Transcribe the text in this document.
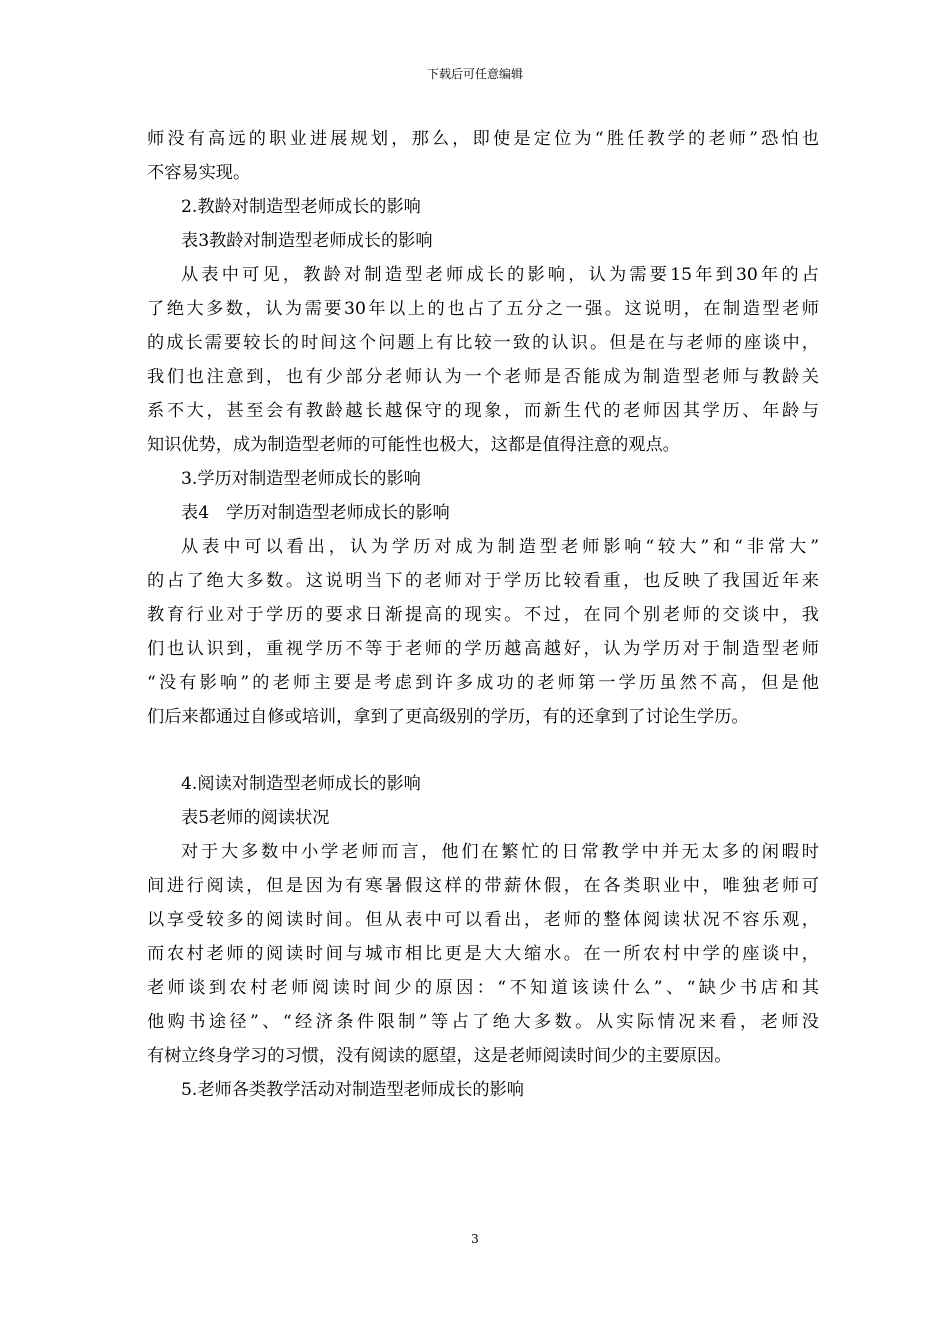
下载后可任意编辑
师没有高远的职业进展规划，那么，即使是定位为“胜任教学的老师”恐怕也
不容易实现。
2.教龄对制造型老师成长的影响
表3教龄对制造型老师成长的影响
从表中可见，教龄对制造型老师成长的影响，认为需要15年到30年的占
了绝大多数，认为需要30年以上的也占了五分之一强。这说明，在制造型老师
的成长需要较长的时间这个问题上有比较一致的认识。但是在与老师的座谈中，
我们也注意到，也有少部分老师认为一个老师是否能成为制造型老师与教龄关
系不大，甚至会有教龄越长越保守的现象，而新生代的老师因其学历、年龄与
知识优势，成为制造型老师的可能性也极大，这都是值得注意的观点。
3.学历对制造型老师成长的影响
表4　学历对制造型老师成长的影响
从表中可以看出，认为学历对成为制造型老师影响“较大”和“非常大”
的占了绝大多数。这说明当下的老师对于学历比较看重，也反映了我国近年来
教育行业对于学历的要求日渐提高的现实。不过，在同个别老师的交谈中，我
们也认识到，重视学历不等于老师的学历越高越好，认为学历对于制造型老师
“没有影响”的老师主要是考虑到许多成功的老师第一学历虽然不高，但是他
们后来都通过自修或培训，拿到了更高级别的学历，有的还拿到了讨论生学历。
4.阅读对制造型老师成长的影响
表5老师的阅读状况
对于大多数中小学老师而言，他们在繁忙的日常教学中并无太多的闲暇时
间进行阅读，但是因为有寒暑假这样的带薪休假，在各类职业中，唯独老师可
以享受较多的阅读时间。但从表中可以看出，老师的整体阅读状况不容乐观，
而农村老师的阅读时间与城市相比更是大大缩水。在一所农村中学的座谈中，
老师谈到农村老师阅读时间少的原因：“不知道该读什么”、“缺少书店和其
他购书途径”、“经济条件限制”等占了绝大多数。从实际情况来看，老师没
有树立终身学习的习惯，没有阅读的愿望，这是老师阅读时间少的主要原因。
5.老师各类教学活动对制造型老师成长的影响
3
